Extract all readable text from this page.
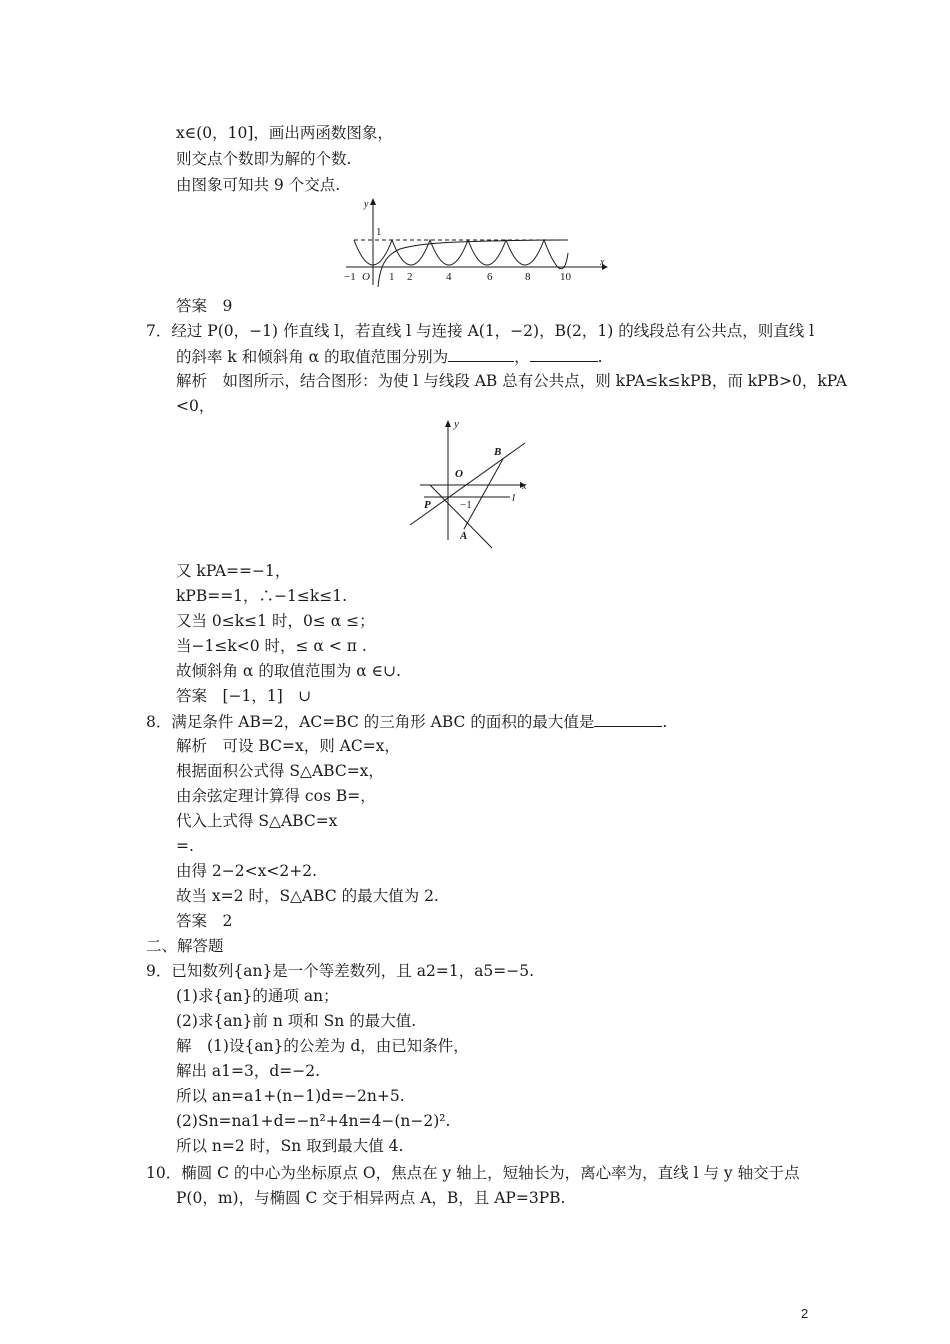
x∈(0，10]，画出两函数图象，
则交点个数即为解的个数.
由图象可知共 9 个交点.
y
1
−1 O 1 2	4	6	8	10
x
答案　9
7．经过 P(0，−1) 作直线 l，若直线 l 与连接 A(1，−2)，B(2，1) 的线段总有公共点，则直线 l
的斜率 k 和倾斜角 α 的取值范围分别为	，	.
解析　如图所示，结合图形：为使 l 与线段 AB 总有公共点，则 kPA≤k≤kPB，而 kPB>0，kPA
<0，
y
O
B
x
P	−1
l
A
又 kPA==−1，
kPB==1，∴−1≤k≤1.
又当 0≤k≤1 时，0≤ α ≤；
当−1≤k<0 时，≤ α < π .
故倾斜角 α 的取值范围为 α ∈∪.
答案　[−1，1]　∪
8．满足条件 AB=2，AC=BC 的三角形 ABC 的面积的最大值是	.
解析　可设 BC=x，则 AC=x，
根据面积公式得 S△ABC=x，
由余弦定理计算得 cos B=，
代入上式得 S△ABC=x
=.
由得 2−2<x<2+2.
故当 x=2 时，S△ABC 的最大值为 2.
答案　2
二、解答题
9．已知数列{an}是一个等差数列，且 a2=1，a5=−5.
(1)求{an}的通项 an；
(2)求{an}前 n 项和 Sn 的最大值.
解　(1)设{an}的公差为 d，由已知条件，
解出 a1=3，d=−2.
所以 an=a1+(n−1)d=−2n+5.
(2)Sn=na1+d=−n²+4n=4−(n−2)².
所以 n=2 时，Sn 取到最大值 4.
10．椭圆 C 的中心为坐标原点 O，焦点在 y 轴上，短轴长为，离心率为，直线 l 与 y 轴交于点
P(0，m)，与椭圆 C 交于相异两点 A，B，且 AP=3PB.
2
